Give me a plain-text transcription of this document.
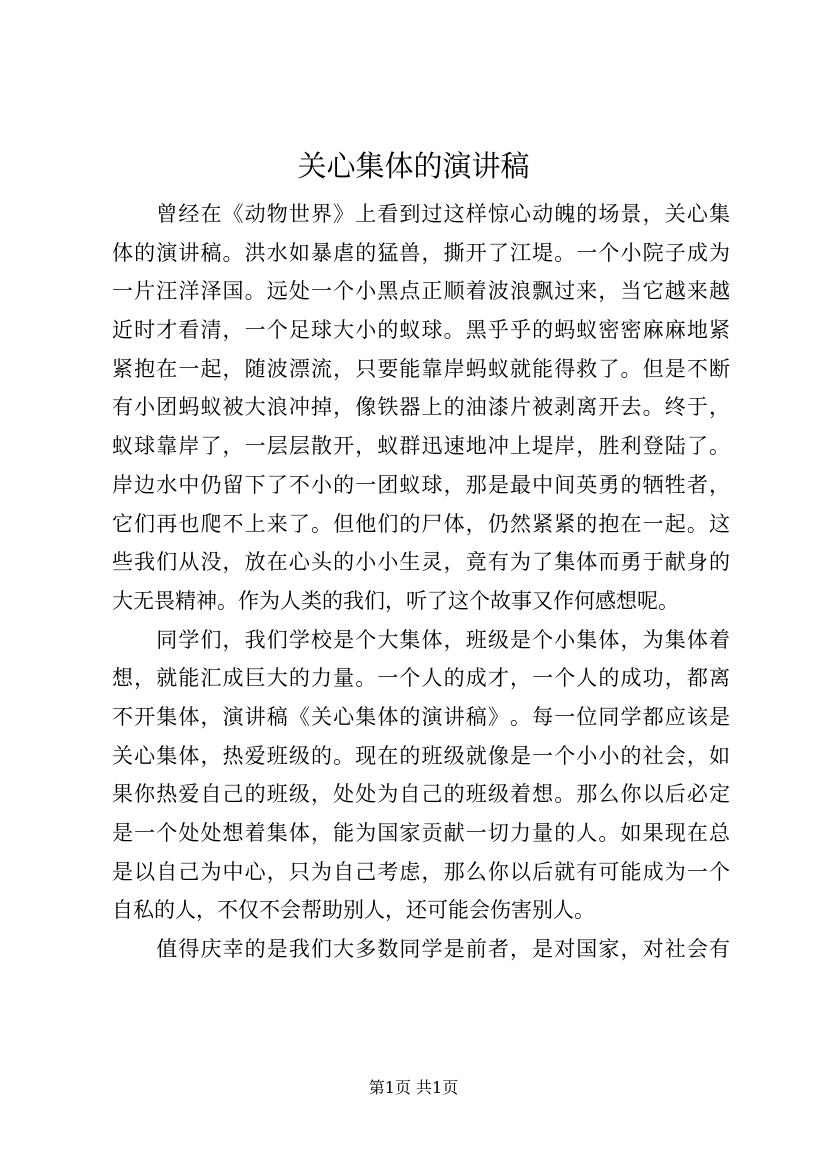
关心集体的演讲稿

曾 经 在 《 动 物 世 界 》 上 看 到 过 这 样 惊 心 动 魄 的 场 景 ， 关 心 集
体 的 演 讲 稿 。 洪 水 如 暴 虐 的 猛 兽 ， 撕 开 了 江 堤 。 一 个 小 院 子 成 为
一 片 汪 洋 泽 国 。 远 处 一 个 小 黑 点 正 顺 着 波 浪 飘 过 来 ， 当 它 越 来 越
近 时 才 看 清 ， 一 个 足 球 大 小 的 蚁 球 。 黑 乎 乎 的 蚂 蚁 密 密 麻 麻 地 紧
紧 抱 在 一 起 ， 随 波 漂 流 ， 只 要 能 靠 岸 蚂 蚁 就 能 得 救 了 。 但 是 不 断
有 小 团 蚂 蚁 被 大 浪 冲 掉 ， 像 铁 器 上 的 油 漆 片 被 剥 离 开 去 。 终 于 ，
蚁 球 靠 岸 了 ， 一 层 层 散 开 ， 蚁 群 迅 速 地 冲 上 堤 岸 ， 胜 利 登 陆 了 。
岸 边 水 中 仍 留 下 了 不 小 的 一 团 蚁 球 ， 那 是 最 中 间 英 勇 的 牺 牲 者 ，
它 们 再 也 爬 不 上 来 了 。 但 他 们 的 尸 体 ， 仍 然 紧 紧 的 抱 在 一 起 。 这
些 我 们 从 没 ， 放 在 心 头 的 小 小 生 灵 ， 竟 有 为 了 集 体 而 勇 于 献 身 的
大无畏精神。作为人类的我们，听了这个故事又作何感想呢。

同 学 们 ， 我 们 学 校 是 个 大 集 体 ， 班 级 是 个 小 集 体 ， 为 集 体 着
想 ， 就 能 汇 成 巨 大 的 力 量 。 一 个 人 的 成 才 ， 一 个 人 的 成 功 ， 都 离
不 开 集 体 ， 演 讲 稿 《 关 心 集 体 的 演 讲 稿 》 。 每 一 位 同 学 都 应 该 是
关 心 集 体 ， 热 爱 班 级 的 。 现 在 的 班 级 就 像 是 一 个 小 小 的 社 会 ， 如
果 你 热 爱 自 己 的 班 级 ， 处 处 为 自 己 的 班 级 着 想 。 那 么 你 以 后 必 定
是 一 个 处 处 想 着 集 体 ， 能 为 国 家 贡 献 一 切 力 量 的 人 。 如 果 现 在 总
是 以 自 己 为 中 心 ， 只 为 自 己 考 虑 ， 那 么 你 以 后 就 有 可 能 成 为 一 个
自私的人，不仅不会帮助别人，还可能会伤害别人。

值 得 庆 幸 的 是 我 们 大 多 数 同 学 是 前 者 ， 是 对 国 家 ， 对 社 会 有
第1页 共1页
